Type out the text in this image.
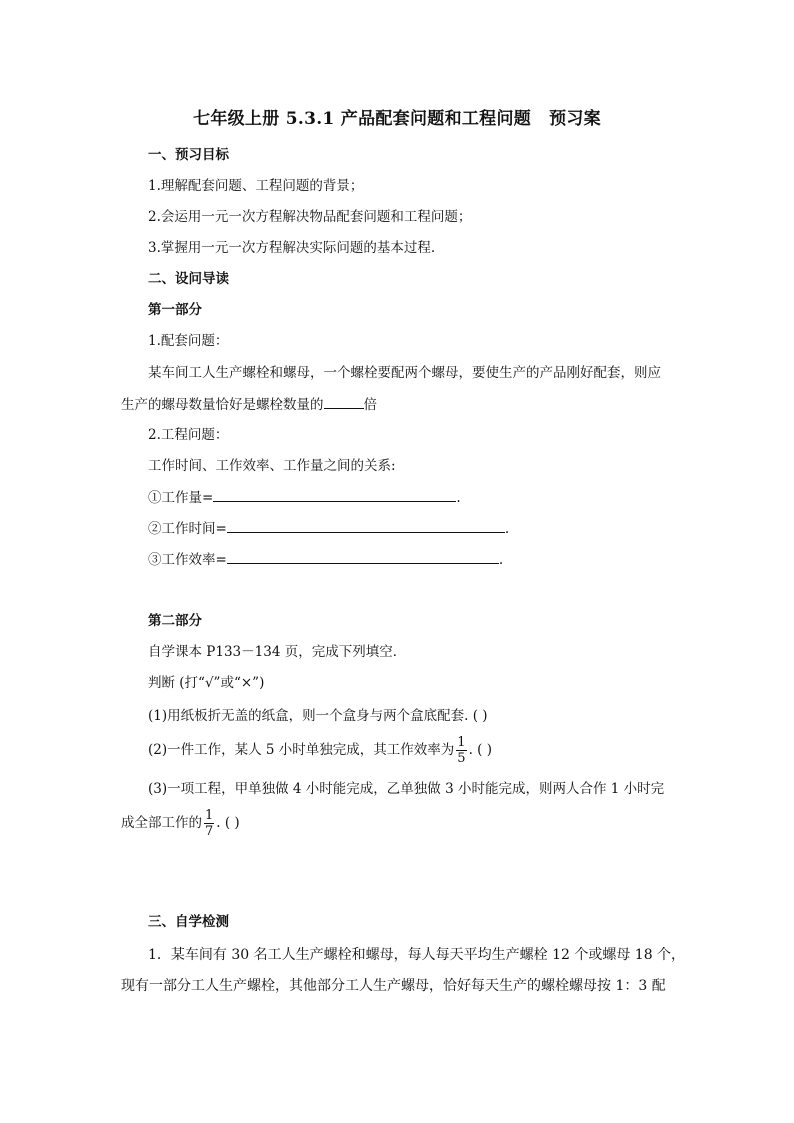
七年级上册 5.3.1 产品配套问题和工程问题 预习案
一、预习目标
1.理解配套问题、工程问题的背景；
2.会运用一元一次方程解决物品配套问题和工程问题；
3.掌握用一元一次方程解决实际问题的基本过程.
二、设问导读
第一部分
1.配套问题：
某车间工人生产螺栓和螺母，一个螺栓要配两个螺母，要使生产的产品刚好配套，则应
生产的螺母数量恰好是螺栓数量的	倍
2.工程问题：
工作时间、工作效率、工作量之间的关系:
①工作量=	.
②工作时间=	.
③工作效率=	.
第二部分
自学课本 P133－134 页，完成下列填空．
判断 (打“√”或“×”)
(1)用纸板折无盖的纸盒，则一个盒身与两个盒底配套. ( )
(2)一件工作，某人 5 小时单独完成，其工作效率为 $\frac{1}{5}$ . ( )
(3)一项工程，甲单独做 4 小时能完成，乙单独做 3 小时能完成，则两人合作 1 小时完
成全部工作的 $\frac{1}{7}$ . ( )
三、自学检测
1．某车间有 30 名工人生产螺栓和螺母，每人每天平均生产螺栓 12 个或螺母 18 个，
现有一部分工人生产螺栓，其他部分工人生产螺母，恰好每天生产的螺栓螺母按 1：3 配
